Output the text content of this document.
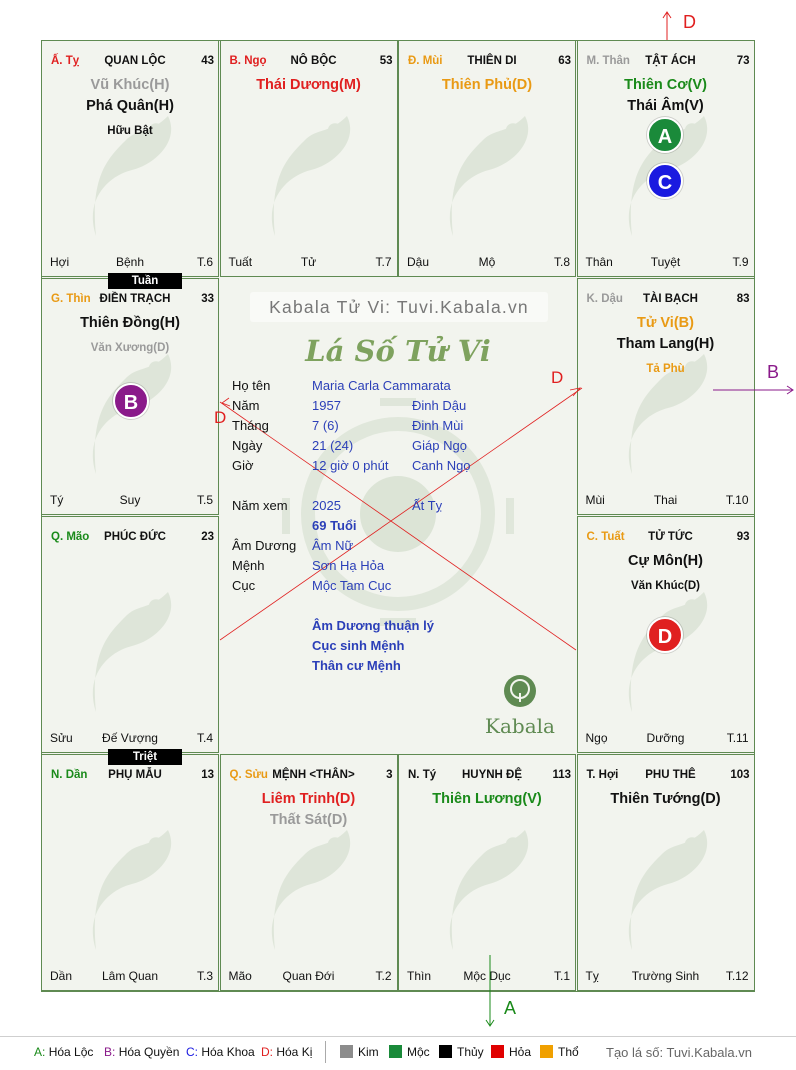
Ấ. Tỵ	QUAN LỘC	43
Vũ Khúc(H)
Phá Quân(H)
Hữu Bật
Bệnh
Hợi	T.6
B. Ngọ	NÔ BỘC	53
Thái Dương(M)
Tử
Tuất	T.7
Đ. Mùi	THIÊN DI	63
Thiên Phủ(D)
Mộ
Dậu	T.8
M. Thân	TẬT ÁCH	73
Thiên Cơ(V)
Thái Âm(V)
Tuyệt
Thân	T.9
G. Thìn ĐIỀN TRẠCH	33
Thiên Đồng(H)
Văn Xương(D)
Suy
Tý	T.5
K. Dậu	TÀI BẠCH	83
Tử Vi(B)
Tham Lang(H)
Tả Phù
Thai
Mùi	T.10
Q. Mão	PHÚC ĐỨC	23
Đế Vượng
Sửu	T.4
C. Tuất	TỬ TỨC	93
Cự Môn(H)
Văn Khúc(D)
Dưỡng
Ngọ	T.11
N. Dần	PHỤ MẪU	13
Lâm Quan
Dần	T.3
Q. Sửu MỆNH <THÂN>	3
Liêm Trinh(D)
Thất Sát(D)
Quan Đới
Mão	T.2
N. Tý	HUYNH ĐỆ	113
Thiên Lương(V)
Mộc Dục
Thìn	T.1
T. Hợi	PHU THÊ	103
Thiên Tướng(D)
Trường Sinh
Tỵ	T.12
A
C
B
D
Tuần
Triệt
Kabala Tử Vi: Tuvi.Kabala.vn
Lá Số Tử Vi
D
D
Họ tên	Maria Carla Cammarata
Năm	1957	Đinh Dậu
Tháng	7 (6)	Đinh Mùi
Ngày	21 (24)	Giáp Ngọ
Giờ	12 giờ 0 phút Canh Ngọ
Năm xem	2025	Ất Tỵ
69 Tuổi
Âm Dương	Âm Nữ
Mệnh	Sơn Hạ Hỏa
Cục	Mộc Tam Cục
Âm Dương thuận lý
Cục sinh Mệnh
Thân cư Mệnh
Kabala
A: Hóa Lộc B: Hóa Quyền C: Hóa Khoa D: Hóa Kị	Kim	Mộc	Thủy	Hỏa	Thổ Tạo lá số: Tuvi.Kabala.vn
D
B
A
